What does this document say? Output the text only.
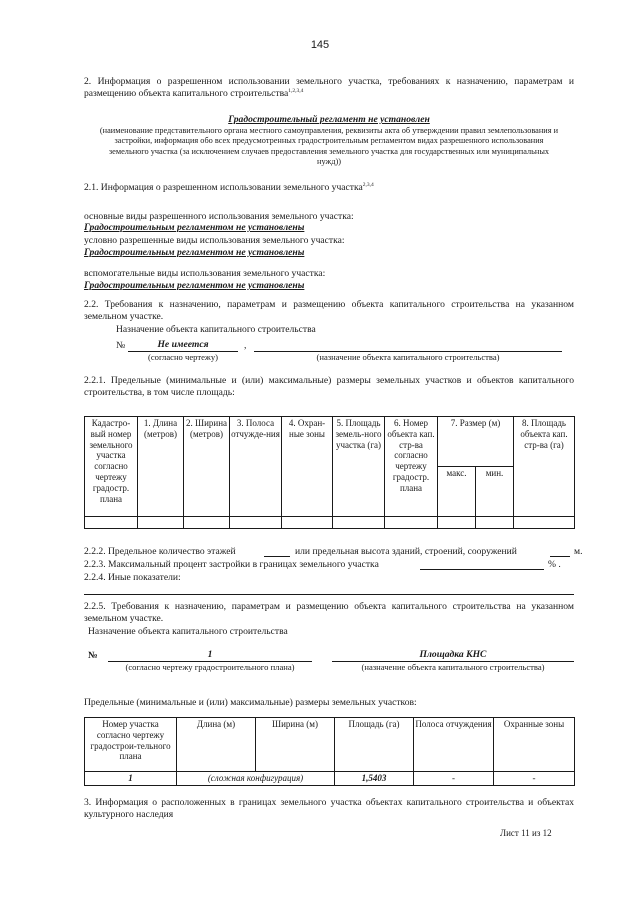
145
2. Информация о разрешенном использовании земельного участка, требованиях к назначению, параметрам и размещению объекта капитального строительства$^{1,2,3,4}$
Градостроительный регламент не установлен
(наименование представительного органа местного самоуправления, реквизиты акта об утверждении правил землепользования и застройки, информация обо всех предусмотренных градостроительным регламентом видах разрешенного использования земельного участка (за исключением случаев предоставления земельного участка для государственных или муниципальных нужд))
2.1. Информация о разрешенном использовании земельного участка$^{2,3,4}$
основные виды разрешенного использования земельного участка:
Градостроительным регламентом не установлены
условно разрешенные виды использования земельного участка:
Градостроительным регламентом не установлены
вспомогательные виды использования земельного участка:
Градостроительным регламентом не установлены
2.2. Требования к назначению, параметрам и размещению объекта капитального строительства на указанном земельном участке.
Назначение объекта капитального строительства
№	Не имеется	,
(согласно чертежу)	(назначение объекта капитального строительства)
2.2.1. Предельные (минимальные и (или) максимальные) размеры земельных участков и объектов капитального строительства, в том числе площадь:
Кадастро-вый номер земельного участка согласно чертежу градостр. плана	1. Длина (метров)	2. Ширина (метров)	3. Полоса отчужде-ния	4. Охран-ные зоны	5. Площадь земель-ного участка (га)	6. Номер объекта кап. стр-ва согласно чертежу градостр. плана	7. Размер (м)		8. Площадь объекта кап. стр-ва (га)
							макс.	мин.	

2.2.2. Предельное количество этажей	или предельная высота зданий, строений, сооружений	м.
2.2.3. Максимальный процент застройки в границах земельного участка	% .
2.2.4. Иные показатели:
2.2.5. Требования к назначению, параметрам и размещению объекта капитального строительства на указанном земельном участке.
Назначение объекта капитального строительства
№	1	Площадка КНС
(согласно чертежу градостроительного плана)	(назначение объекта капитального строительства)
Предельные (минимальные и (или) максимальные) размеры земельных участков:
Номер участка согласно чертежу градострои-тельного плана	Длина (м)	Ширина (м)	Площадь (га)	Полоса отчуждения	Охранные зоны
1	(сложная конфигурация)		1,5403	-	-
3. Информация о расположенных в границах земельного участка объектах капитального строительства и объектах культурного наследия
Лист 11 из 12
